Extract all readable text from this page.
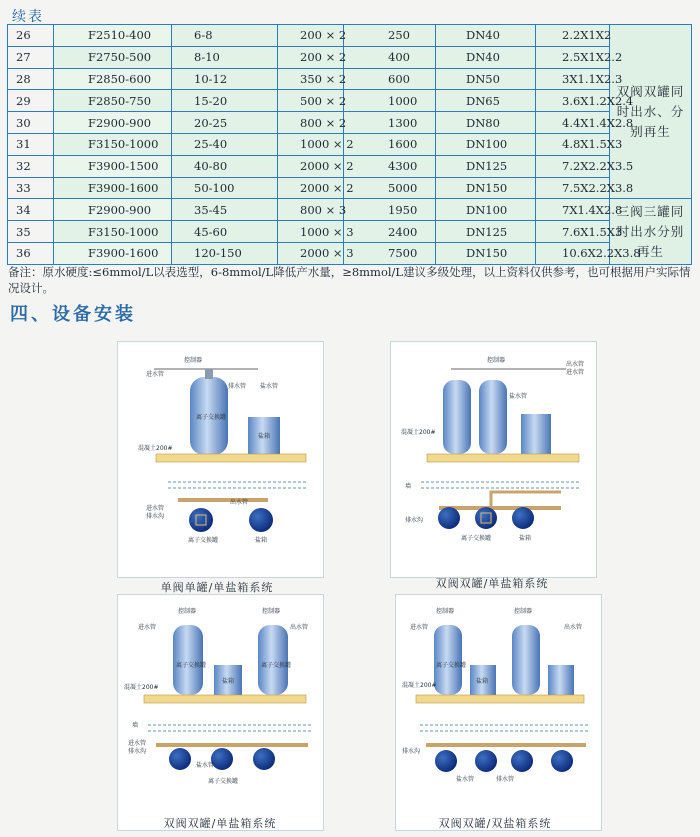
续表
26	F2510-400	6-8	200 × 2	250	DN40	2.2X1X2	双阀双罐同时出水、分别再生
27	F2750-500	8-10	200 × 2	400	DN40	2.5X1X2.2	
28	F2850-600	10-12	350 × 2	600	DN50	3X1.1X2.3	
29	F2850-750	15-20	500 × 2	1000	DN65	3.6X1.2X2.4	
30	F2900-900	20-25	800 × 2	1300	DN80	4.4X1.4X2.8	
31	F3150-1000	25-40	1000 × 2	1600	DN100	4.8X1.5X3	
32	F3900-1500	40-80	2000 × 2	4300	DN125	7.2X2.2X3.5	
33	F3900-1600	50-100	2000 × 2	5000	DN150	7.5X2.2X3.8	
34	F2900-900	35-45	800 × 3	1950	DN100	7X1.4X2.8	三阀三罐同时出水分别再生
35	F3150-1000	45-60	1000 × 3	2400	DN125	7.6X1.5X3	
36	F3900-1600	120-150	2000 × 3	7500	DN150	10.6X2.2X3.8	
备注：原水硬度:≤6mmol/L以表选型，6-8mmol/L降低产水量，≥8mmol/L建议多级处理，以上资料仅供参考，也可根据用户实际情况设计。
四、设备安装
控制器
进水管
排水管 盐水管
离子交换罐
盐箱
混凝土200#
进水管
排水沟
出水管
离子交换罐	盐箱
单阀单罐/单盐箱系统
控制器
出水管
进水管
盐水管
混凝土200#
墙
排水沟
离子交换罐	盐箱
双阀双罐/单盐箱系统
控制器	控制器
进水管	出水管
离子交换罐	离子交换罐
盐箱
混凝土200#
墙
进水管
排水沟
盐水管
离子交换罐
双阀双罐/单盐箱系统
控制器	控制器
进水管	出水管
离子交换罐
盐箱
混凝土200#
排水沟
盐水管	排水管
双阀双罐/双盐箱系统
